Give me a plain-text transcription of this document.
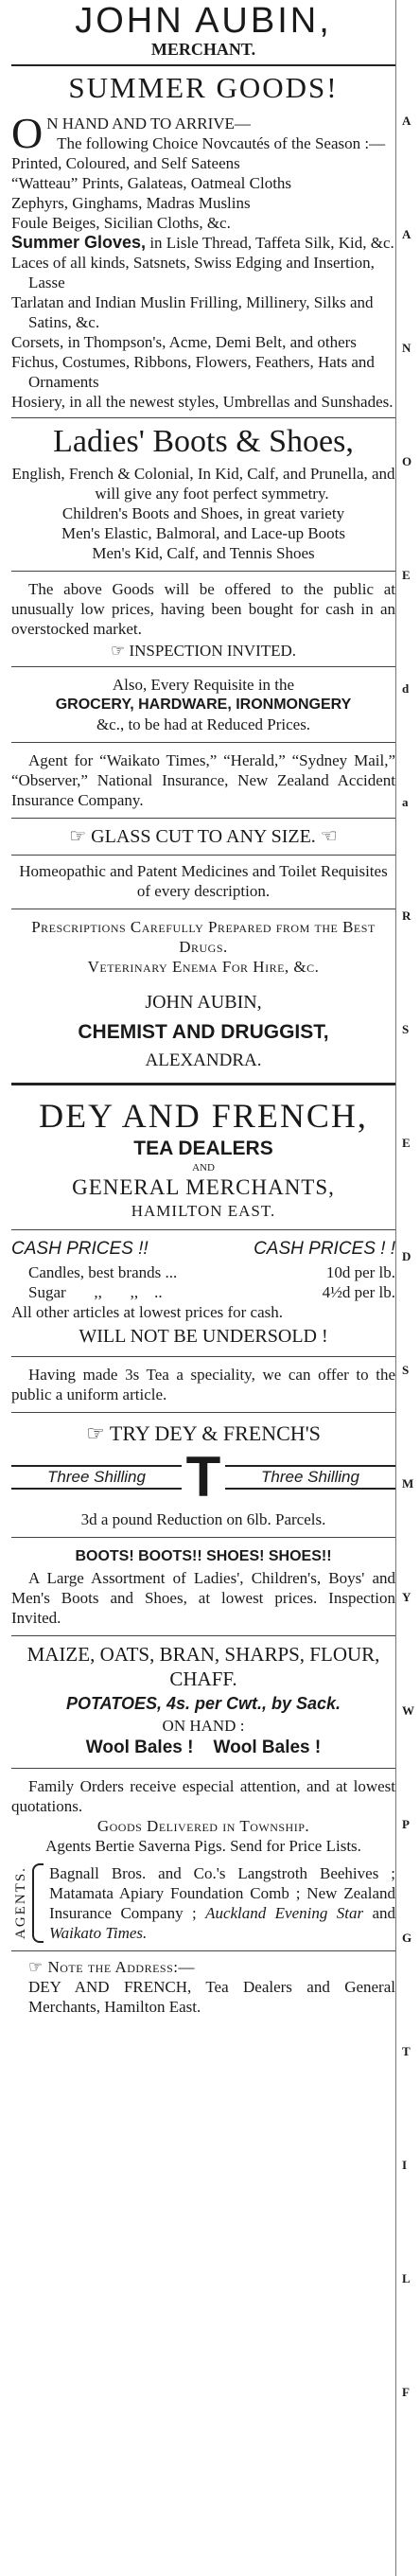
A
A
N
O
E
d
a
R
S
E
D
S
M
Y
W
P
G
T
I
L
F
JOHN AUBIN,
MERCHANT.
SUMMER GOODS!
O N HAND AND TO ARRIVE—
The following Choice Novcautés of the Season :—
Printed, Coloured, and Self Sateens
“Watteau” Prints, Galateas, Oatmeal Cloths
Zephyrs, Ginghams, Madras Muslins
Foule Beiges, Sicilian Cloths, &c.
Summer Gloves, in Lisle Thread, Taffeta Silk, Kid, &c.
Laces of all kinds, Satsnets, Swiss Edging and Insertion, Lasse
Tarlatan and Indian Muslin Frilling, Millinery, Silks and Satins, &c.
Corsets, in Thompson's, Acme, Demi Belt, and others
Fichus, Costumes, Ribbons, Flowers, Feathers, Hats and Ornaments
Hosiery, in all the newest styles, Umbrellas and Sunshades.
Ladies' Boots & Shoes,
English, French & Colonial, In Kid, Calf, and Prunella, and will give any foot perfect symmetry.
Children's Boots and Shoes, in great variety
Men's Elastic, Balmoral, and Lace-up Boots
Men's Kid, Calf, and Tennis Shoes
The above Goods will be offered to the public at unusually low prices, having been bought for cash in an overstocked market.
☞ INSPECTION INVITED.
Also, Every Requisite in the
GROCERY, HARDWARE, IRONMONGERY
&c., to be had at Reduced Prices.
Agent for “Waikato Times,” “Herald,” “Sydney Mail,” “Observer,” National Insurance, New Zealand Accident Insurance Company.
☞ GLASS CUT TO ANY SIZE. ☜
Homeopathic and Patent Medicines and Toilet Requisites of every description.
Prescriptions Carefully Prepared from the Best Drugs.
Veterinary Enema For Hire, &c.
JOHN AUBIN,
CHEMIST AND DRUGGIST,
ALEXANDRA.
DEY AND FRENCH,
TEA DEALERS
AND
GENERAL MERCHANTS,
HAMILTON EAST.
CASH PRICES !!	CASH PRICES ! !
Candles, best brands ...	10d per lb.
Sugar       ,,       ,,    ..	4½d per lb.
All other articles at lowest prices for cash.
WILL NOT BE UNDERSOLD !
Having made 3s Tea a speciality, we can offer to the public a uniform article.
☞ TRY DEY & FRENCH'S
Three Shilling T	Three Shilling
3d a pound Reduction on 6lb. Parcels.
BOOTS! BOOTS!! SHOES! SHOES!!
A Large Assortment of Ladies', Children's, Boys' and Men's Boots and Shoes, at lowest prices. Inspection Invited.
MAIZE, OATS, BRAN, SHARPS, FLOUR, CHAFF.
POTATOES, 4s. per Cwt., by Sack.
ON HAND :
Wool Bales !    Wool Bales !
Family Orders receive especial attention, and at lowest quotations.
Goods Delivered in Township.
Agents Bertie Saverna Pigs. Send for Price Lists.
AGENTS. Bagnall Bros. and Co.'s Langstroth Beehives ; Matamata Apiary Foundation Comb ; New Zealand Insurance Company ; Auckland Evening Star and Waikato Times.
☞ Note the Address:—
DEY AND FRENCH, Tea Dealers and General Merchants, Hamilton East.
